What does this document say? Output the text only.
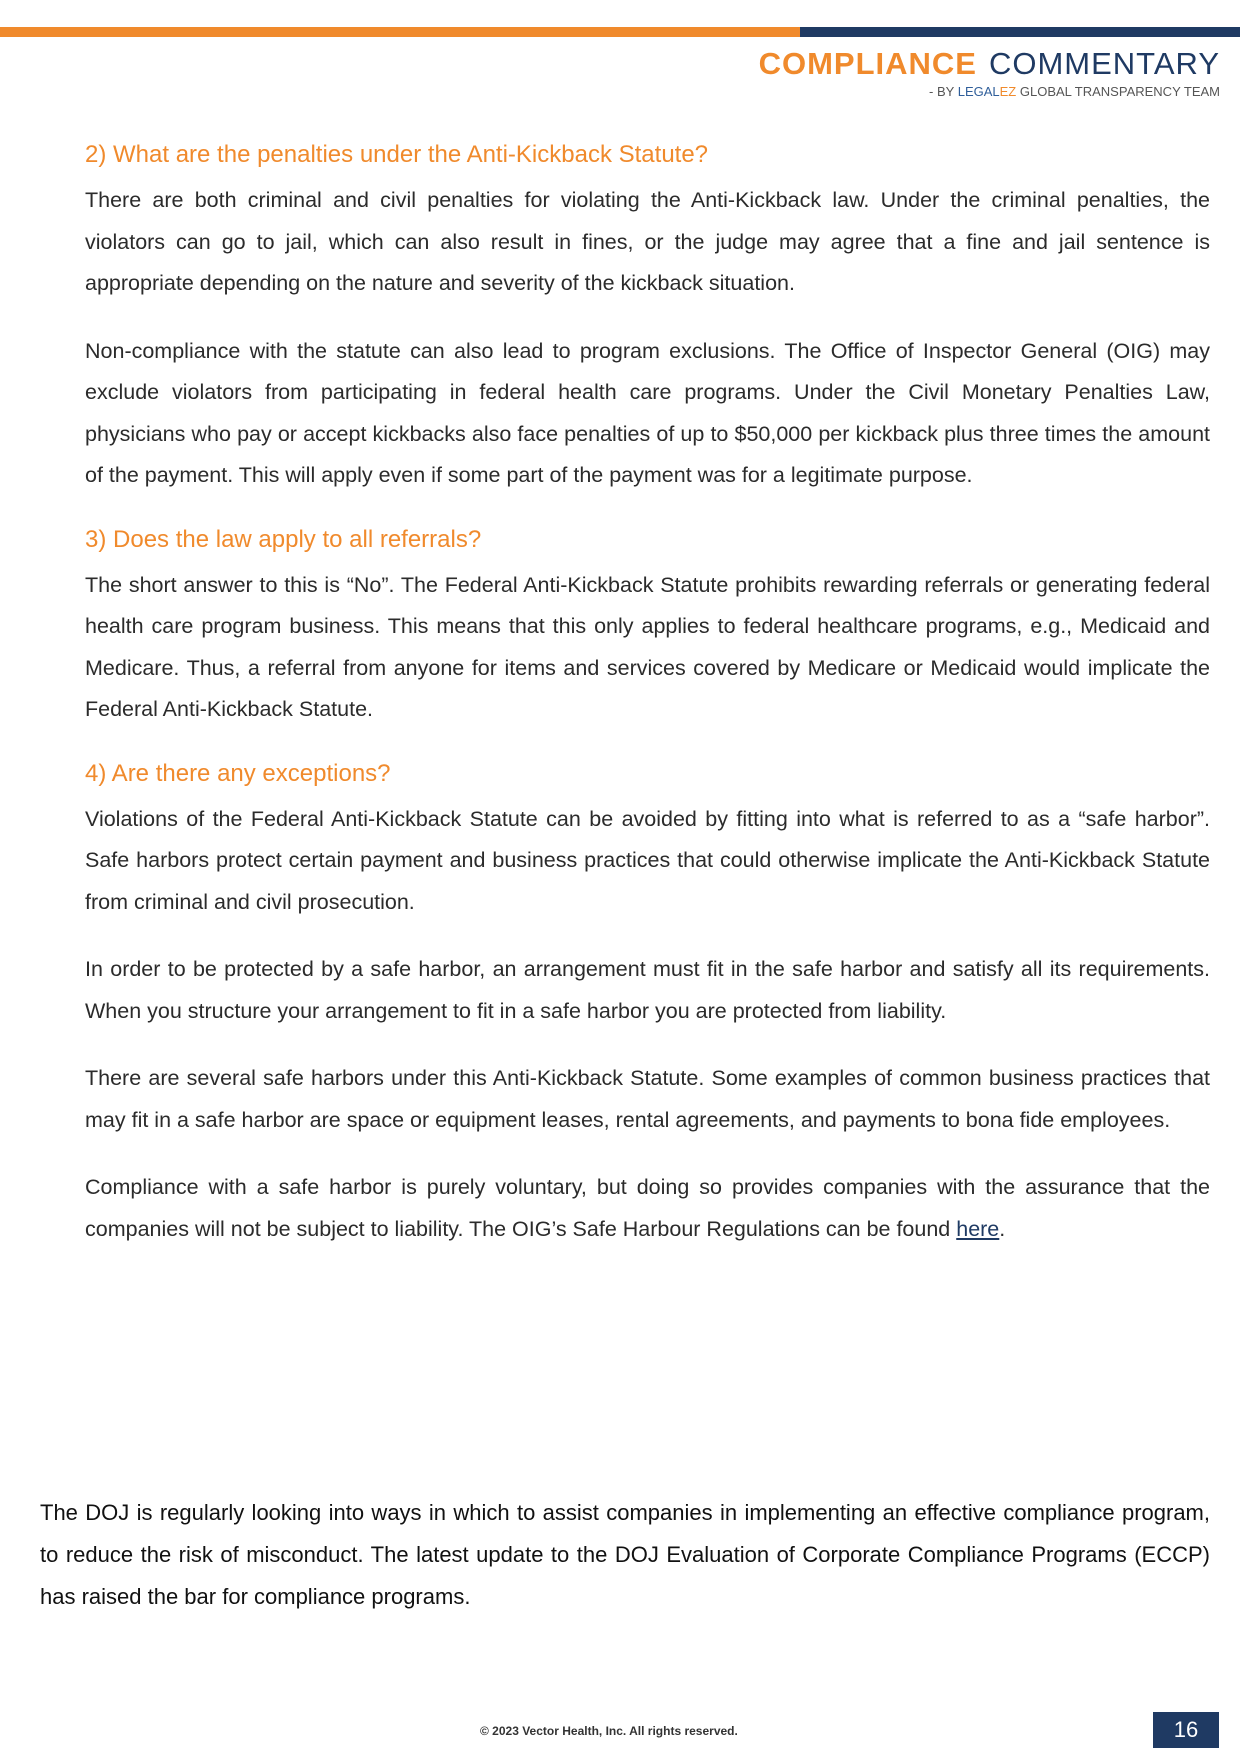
COMPLIANCE COMMENTARY
- BY LEGALEZ GLOBAL TRANSPARENCY TEAM
2) What are the penalties under the Anti-Kickback Statute?

There are both criminal and civil penalties for violating the Anti-Kickback law. Under the criminal penalties, the violators can go to jail, which can also result in fines, or the judge may agree that a fine and jail sentence is appropriate depending on the nature and severity of the kickback situation.

Non-compliance with the statute can also lead to program exclusions. The Office of Inspector General (OIG) may exclude violators from participating in federal health care programs. Under the Civil Monetary Penalties Law, physicians who pay or accept kickbacks also face penalties of up to $50,000 per kickback plus three times the amount of the payment. This will apply even if some part of the payment was for a legitimate purpose.

3) Does the law apply to all referrals?

The short answer to this is “No”. The Federal Anti-Kickback Statute prohibits rewarding referrals or generating federal health care program business. This means that this only applies to federal healthcare programs, e.g., Medicaid and Medicare. Thus, a referral from anyone for items and services covered by Medicare or Medicaid would implicate the Federal Anti-Kickback Statute.

4) Are there any exceptions?

Violations of the Federal Anti-Kickback Statute can be avoided by fitting into what is referred to as a “safe harbor”. Safe harbors protect certain payment and business practices that could otherwise implicate the Anti-Kickback Statute from criminal and civil prosecution.

In order to be protected by a safe harbor, an arrangement must fit in the safe harbor and satisfy all its requirements. When you structure your arrangement to fit in a safe harbor you are protected from liability.

There are several safe harbors under this Anti-Kickback Statute. Some examples of common business practices that may fit in a safe harbor are space or equipment leases, rental agreements, and payments to bona fide employees.

Compliance with a safe harbor is purely voluntary, but doing so provides companies with the assurance that the companies will not be subject to liability. The OIG’s Safe Harbour Regulations can be found here.

The DOJ is regularly looking into ways in which to assist companies in implementing an effective compliance program, to reduce the risk of misconduct. The latest update to the DOJ Evaluation of Corporate Compliance Programs (ECCP) has raised the bar for compliance programs.

© 2023 Vector Health, Inc. All rights reserved.	16
